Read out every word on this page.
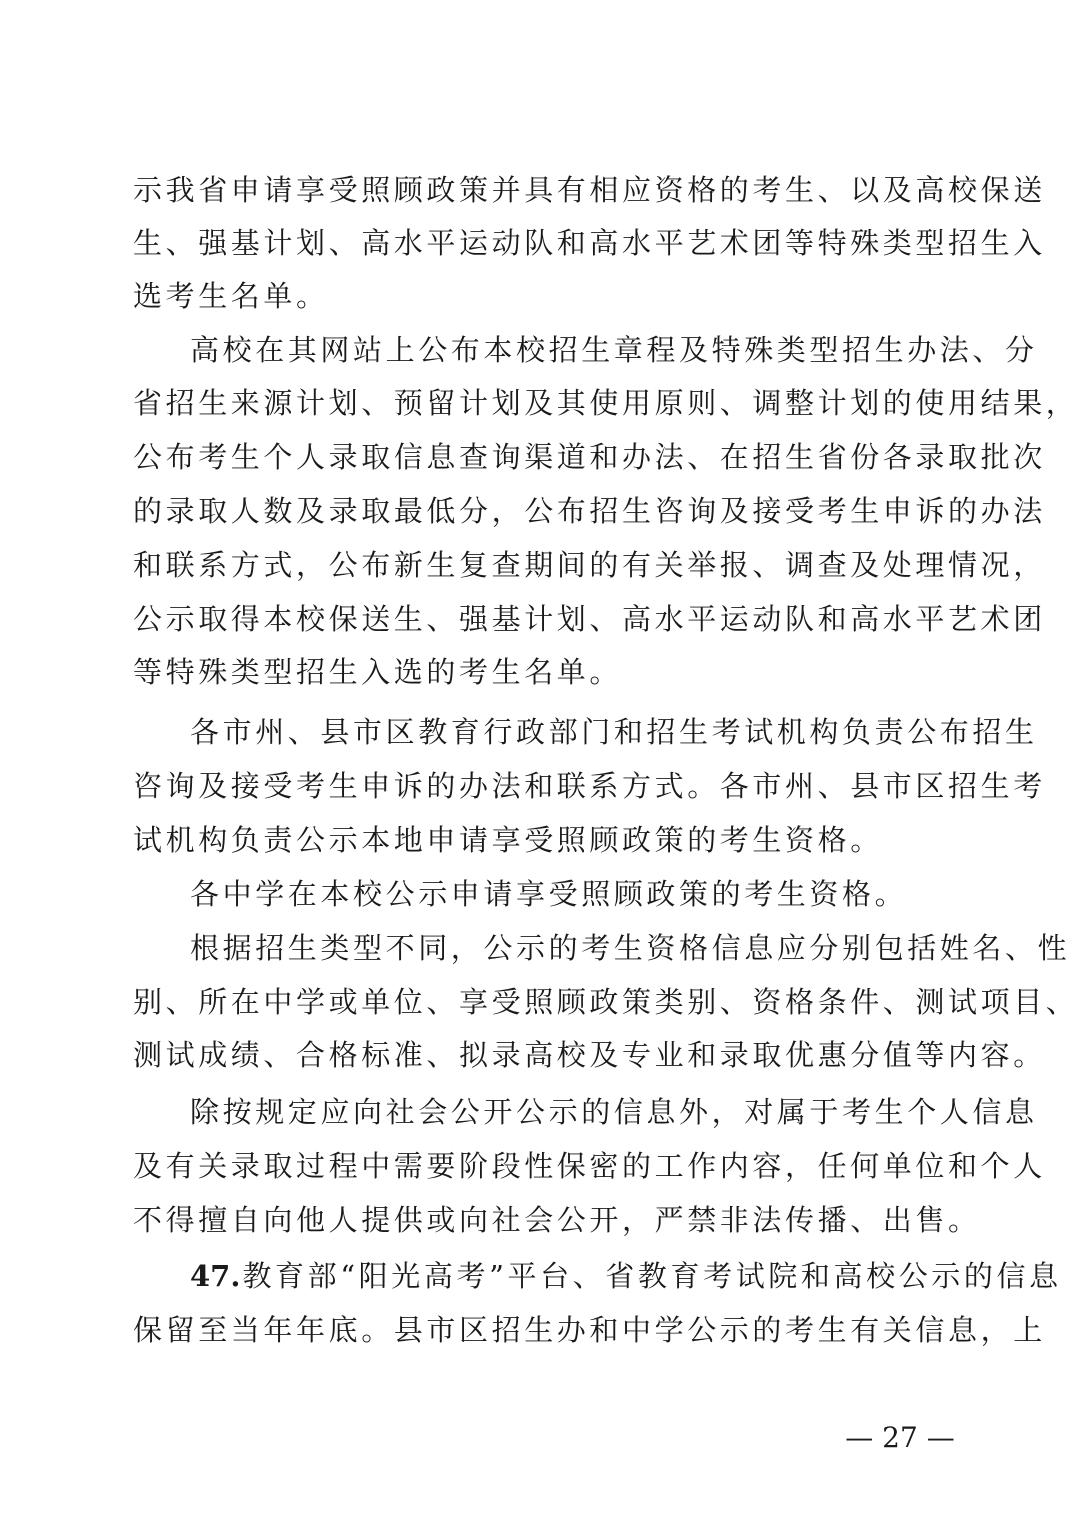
示我省申请享受照顾政策并具有相应资格的考生、以及高校保送
生、强基计划、高水平运动队和高水平艺术团等特殊类型招生入
选考生名单。
高校在其网站上公布本校招生章程及特殊类型招生办法、分
省招生来源计划、预留计划及其使用原则、调整计划的使用结果，
公布考生个人录取信息查询渠道和办法、在招生省份各录取批次
的录取人数及录取最低分，公布招生咨询及接受考生申诉的办法
和联系方式，公布新生复查期间的有关举报、调查及处理情况，
公示取得本校保送生、强基计划、高水平运动队和高水平艺术团
等特殊类型招生入选的考生名单。
各市州、县市区教育行政部门和招生考试机构负责公布招生
咨询及接受考生申诉的办法和联系方式。各市州、县市区招生考
试机构负责公示本地申请享受照顾政策的考生资格。
各中学在本校公示申请享受照顾政策的考生资格。
根据招生类型不同，公示的考生资格信息应分别包括姓名、性
别、所在中学或单位、享受照顾政策类别、资格条件、测试项目、
测试成绩、合格标准、拟录高校及专业和录取优惠分值等内容。
除按规定应向社会公开公示的信息外，对属于考生个人信息
及有关录取过程中需要阶段性保密的工作内容，任何单位和个人
不得擅自向他人提供或向社会公开，严禁非法传播、出售。
47.教育部“阳光高考”平台、省教育考试院和高校公示的信息
保留至当年年底。县市区招生办和中学公示的考生有关信息，上
— 27 —
